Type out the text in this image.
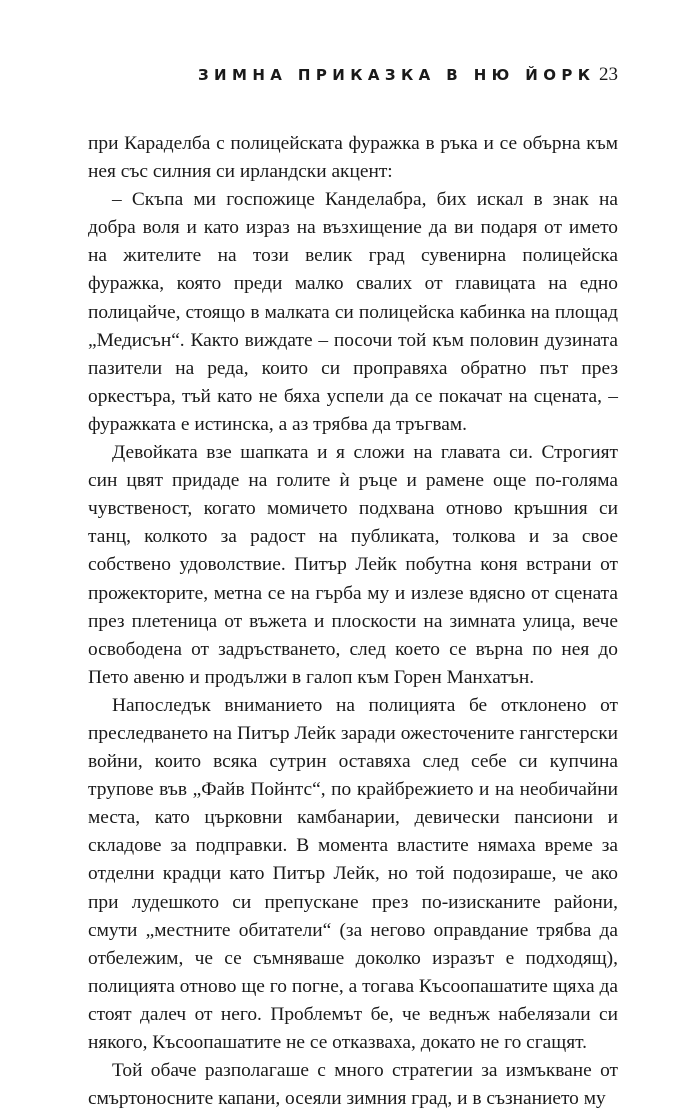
ЗИМНА ПРИКАЗКА В НЮ ЙОРК 23

при Караделба с полицейската фуражка в ръка и се обърна към нея със силния си ирландски акцент:

– Скъпа ми госпожице Канделабра, бих искал в знак на добра воля и като израз на възхищение да ви подаря от името на жителите на този велик град сувенирна полицейска фуражка, която преди малко свалих от главицата на едно полицайче, стоящо в малката си полицейска кабинка на площад „Медисън“. Както виждате – посочи той към половин дузината пазители на реда, които си проправяха обратно път през оркестъра, тъй като не бяха успели да се покачат на сцената, – фуражката е истинска, а аз трябва да тръгвам.

Девойката взе шапката и я сложи на главата си. Строгият син цвят придаде на голите ѝ ръце и рамене още по-голяма чувственост, когато момичето подхвана отново кръшния си танц, колкото за радост на публиката, толкова и за свое собствено удоволствие. Питър Лейк побутна коня встрани от прожекторите, метна се на гърба му и излезе вдясно от сцената през плетеница от въжета и плоскости на зимната улица, вече освободена от задръстването, след което се върна по нея до Пето авеню и продължи в галоп към Горен Манхатън.

Напоследък вниманието на полицията бе отклонено от преследването на Питър Лейк заради ожесточените гангстерски войни, които всяка сутрин оставяха след себе си купчина трупове във „Файв Пойнтс“, по крайбрежието и на необичайни места, като църковни камбанарии, девически пансиони и складове за подправки. В момента властите нямаха време за отделни крадци като Питър Лейк, но той подозираше, че ако при лудешкото си препускане през по-изисканите райони, смути „местните обитатели“ (за негово оправдание трябва да отбележим, че се съмняваше доколко изразът е подходящ), полицията отново ще го погне, а тогава Късоопашатите щяха да стоят далеч от него. Проблемът бе, че веднъж набелязали си някого, Късоопашатите не се отказваха, докато не го сгащят.

Той обаче разполагаше с много стратегии за измъкване от смъртоносните капани, осеяли зимния град, и в съзнанието му
